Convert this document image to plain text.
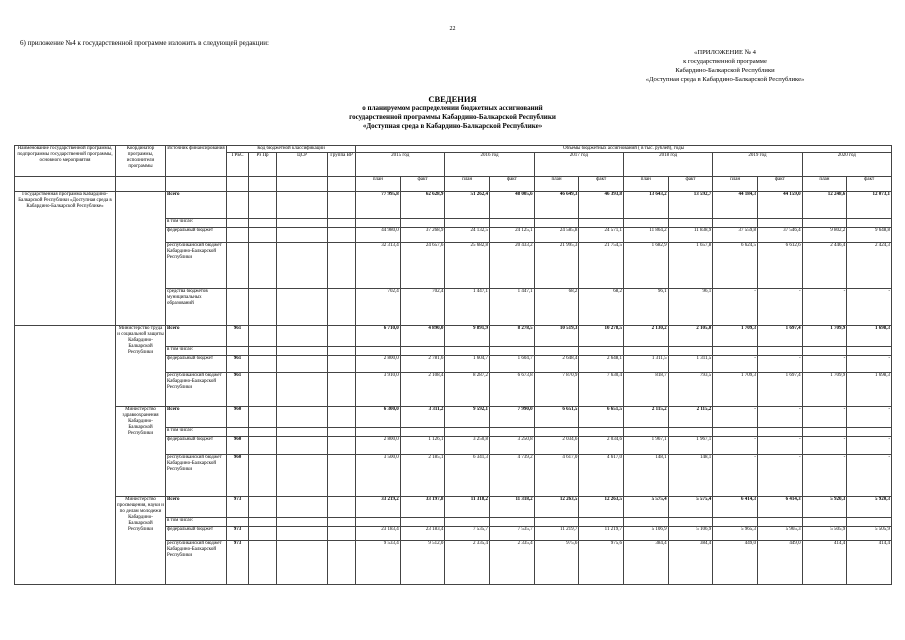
22
6) приложение №4 к государственной программе изложить в следующей редакции:
«ПРИЛОЖЕНИЕ № 4
к государственной программе
Кабардино-Балкарской Республики
«Доступная среда в Кабардино-Балкарской Республике»
СВЕДЕНИЯ
о планируемом распределении бюджетных ассигнований
государственной программы Кабардино-Балкарской Республики
«Доступная среда в Кабардино-Балкарской Республике»
Наименование государственной программы, подпрограммы государственной программы, основного мероприятия	Координатор программы, исполнители программы	Источник финансирования	Код бюджетной классификации				Объемы бюджетных ассигнований ( в тыс. рублей), годы											
			ГРБС	Рз Пр	ЦСР	Группа ВР	2015 год		2016 год		2017 год		2018 год		2019 год		2020 год	
							план	факт	план	факт	план	факт	план	факт	план	факт	план	факт
Государственная программа Кабардино-Балкарской Республики «Доступная среда в Кабардино-Балкарской Республике»		Всего					77 995,8	62 628,9	51 262,4	48 005,6	46 649,3	46 393,8	13 643,2	13 592,7	44 184,3	44 159,0	12 248,6	12 073,1
		в том числе:																
		федеральный бюджет					44 980,0	37 268,9	24 132,5	24 125,1	24 585,8	24 571,1	11 864,2	11 838,9	37 559,8	37 546,4	9 802,2	9 648,8
		республиканский бюджет Кабардино-Балкарской Республики					32 313,4	24 657,6	25 682,8	20 433,2	21 995,3	21 754,5	1 682,9	1 657,8	6 624,5	6 612,6	2 446,4	2 424,3
		средства бюджетов муниципальных образований					702,4	702,4	1 447,1	1 447,1	68,2	68,2	96,1	96,1	-	-	-	-
	Министерство труда и социальной защиты Кабардино-Балкарской Республики	Всего	961				6 710,0	4 890,0	9 891,9	8 278,5	10 519,3	10 278,5	2 130,2	2 105,0	1 709,3	1 697,4	1 709,9	1 698,3
		в том числе:																
		федеральный бюджет	961				2 800,0	2 781,6	1 604,7	1 604,7	2 648,4	2 648,1	1 311,5	1 311,5	-	-	-	-
		республиканский бюджет Кабардино-Балкарской Республики	961				3 910,0	2 108,4	8 287,2	6 673,8	7 870,9	7 630,4	818,7	793,5	1 709,3	1 697,4	1 709,9	1 698,3
	Министерство здравоохранения Кабардино-Балкарской Республики	Всего	960				6 300,0	3 311,2	9 592,1	7 990,0	6 651,5	6 651,5	2 115,2	2 115,2	-	-	-	-
		в том числе:																
		федеральный бюджет	960				2 800,0	1 126,1	3 250,8	3 250,8	2 034,6	2 034,6	1 967,1	1 967,1	-	-	-	-
		республиканский бюджет Кабардино-Балкарской Республики	960				3 500,0	2 185,1	6 341,3	4 739,2	4 617,0	4 617,0	148,1	148,1	-	-	-	-
	Министерство просвещения, науки и по делам молодежи Кабардино-Балкарской Республики	Всего	973				33 219,2	33 197,8	11 318,2	11 318,2	12 263,5	12 263,5	5 575,4	5 575,4	6 414,3	6 414,3	5 920,3	5 920,3
		в том числе:																
		федеральный бюджет	973				23 183,4	23 183,4	7 535,7	7 535,7	11 219,7	11 219,7	5 106,9	5 106,9	5 965,3	5 965,3	5 505,9	5 505,9
		республиканский бюджет Кабардино-Балкарской Республики	973				9 533,4	9 512,0	2 335,4	2 335,4	975,6	975,6	384,4	384,4	449,0	449,0	414,4	414,4
